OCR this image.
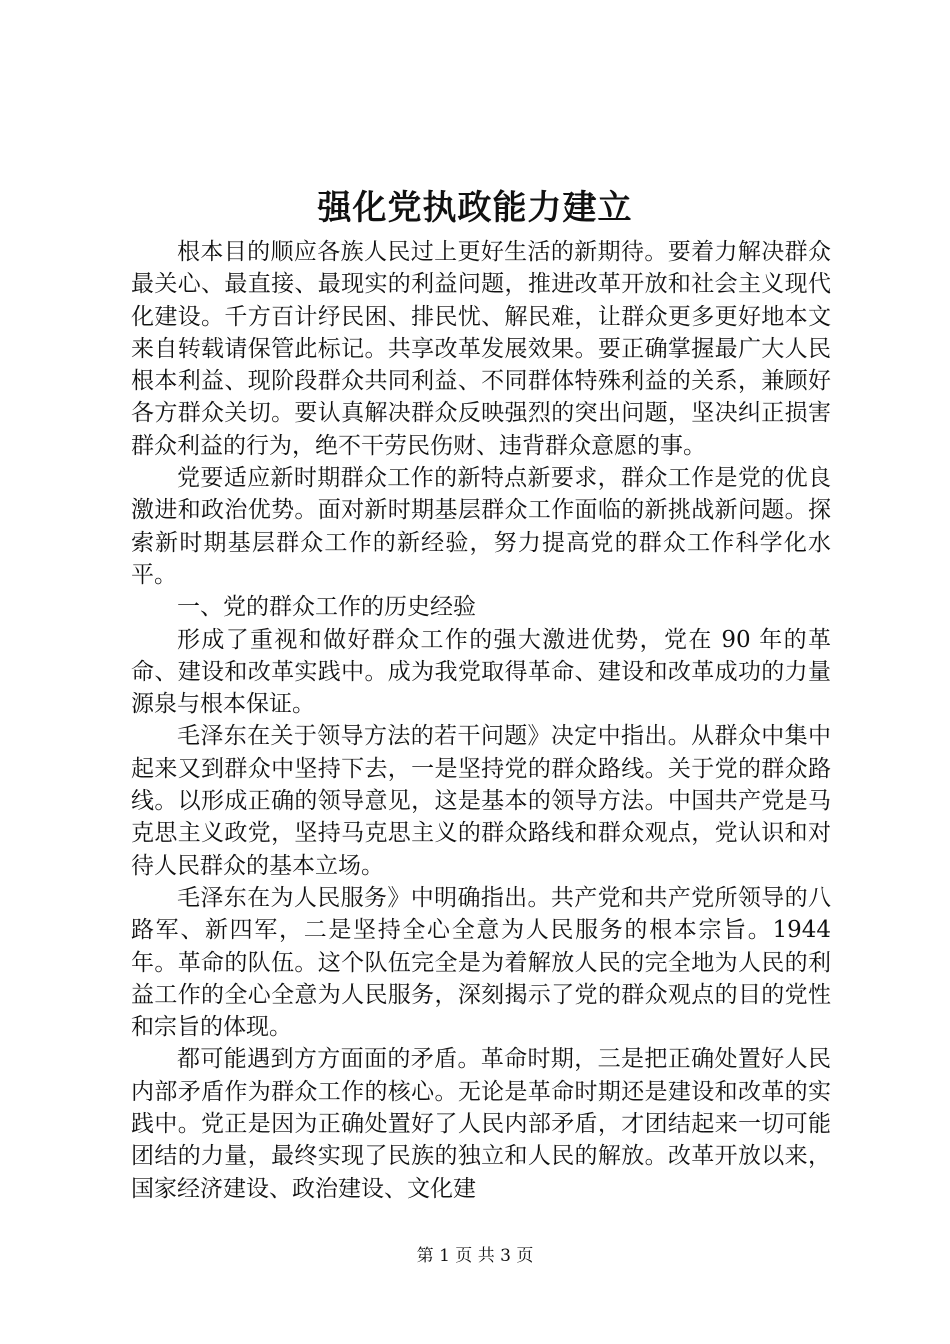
强化党执政能力建立

根本目的顺应各族人民过上更好生活的新期待。要着力解决群众最关心、最直接、最现实的利益问题，推进改革开放和社会主义现代化建设。千方百计纾民困、排民忧、解民难，让群众更多更好地本文来自转载请保管此标记。共享改革发展效果。要正确掌握最广大人民根本利益、现阶段群众共同利益、不同群体特殊利益的关系，兼顾好各方群众关切。要认真解决群众反映强烈的突出问题，坚决纠正损害群众利益的行为，绝不干劳民伤财、违背群众意愿的事。

党要适应新时期群众工作的新特点新要求，群众工作是党的优良激进和政治优势。面对新时期基层群众工作面临的新挑战新问题。探索新时期基层群众工作的新经验，努力提高党的群众工作科学化水平。

一、党的群众工作的历史经验

形成了重视和做好群众工作的强大激进优势，党在 90 年的革命、建设和改革实践中。成为我党取得革命、建设和改革成功的力量源泉与根本保证。

毛泽东在关于领导方法的若干问题》决定中指出。从群众中集中起来又到群众中坚持下去，一是坚持党的群众路线。关于党的群众路线。以形成正确的领导意见，这是基本的领导方法。中国共产党是马克思主义政党，坚持马克思主义的群众路线和群众观点，党认识和对待人民群众的基本立场。

毛泽东在为人民服务》中明确指出。共产党和共产党所领导的八路军、新四军，二是坚持全心全意为人民服务的根本宗旨。1944 年。革命的队伍。这个队伍完全是为着解放人民的完全地为人民的利益工作的全心全意为人民服务，深刻揭示了党的群众观点的目的党性和宗旨的体现。

都可能遇到方方面面的矛盾。革命时期，三是把正确处置好人民内部矛盾作为群众工作的核心。无论是革命时期还是建设和改革的实践中。党正是因为正确处置好了人民内部矛盾，才团结起来一切可能团结的力量，最终实现了民族的独立和人民的解放。改革开放以来，国家经济建设、政治建设、文化建

第 1 页 共 3 页
